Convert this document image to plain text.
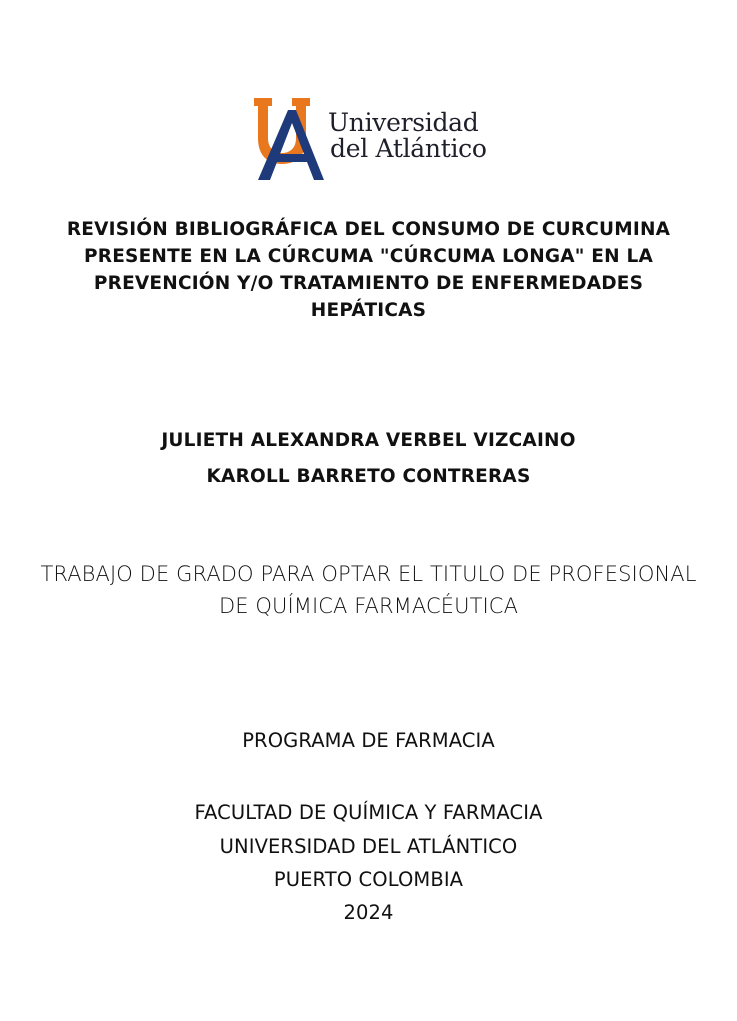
Universidad
del Atlántico
REVISIÓN BIBLIOGRÁFICA DEL CONSUMO DE CURCUMINA PRESENTE EN LA CÚRCUMA "CÚRCUMA LONGA" EN LA PREVENCIÓN Y/O TRATAMIENTO DE ENFERMEDADES HEPÁTICAS
JULIETH ALEXANDRA VERBEL VIZCAINO
KAROLL BARRETO CONTRERAS
TRABAJO DE GRADO PARA OPTAR EL TITULO DE PROFESIONAL DE QUÍMICA FARMACÉUTICA
PROGRAMA DE FARMACIA
FACULTAD DE QUÍMICA Y FARMACIA
UNIVERSIDAD DEL ATLÁNTICO
PUERTO COLOMBIA
2024
